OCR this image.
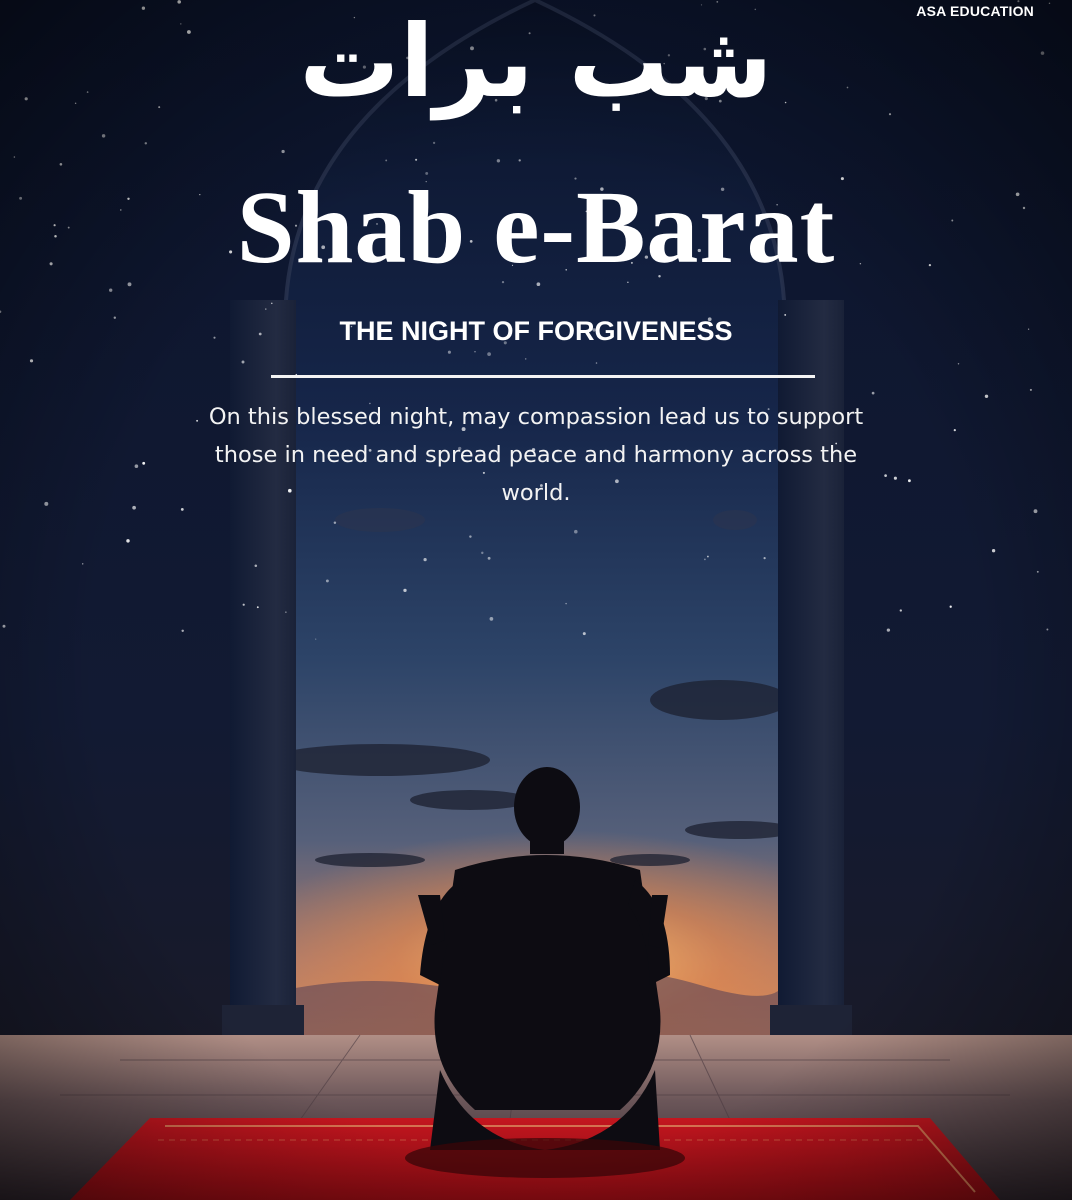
ASA EDUCATION
شب برات
Shab e-Barat
THE NIGHT OF FORGIVENESS
On this blessed night, may compassion lead us to support those in need and spread peace and harmony across the world.
